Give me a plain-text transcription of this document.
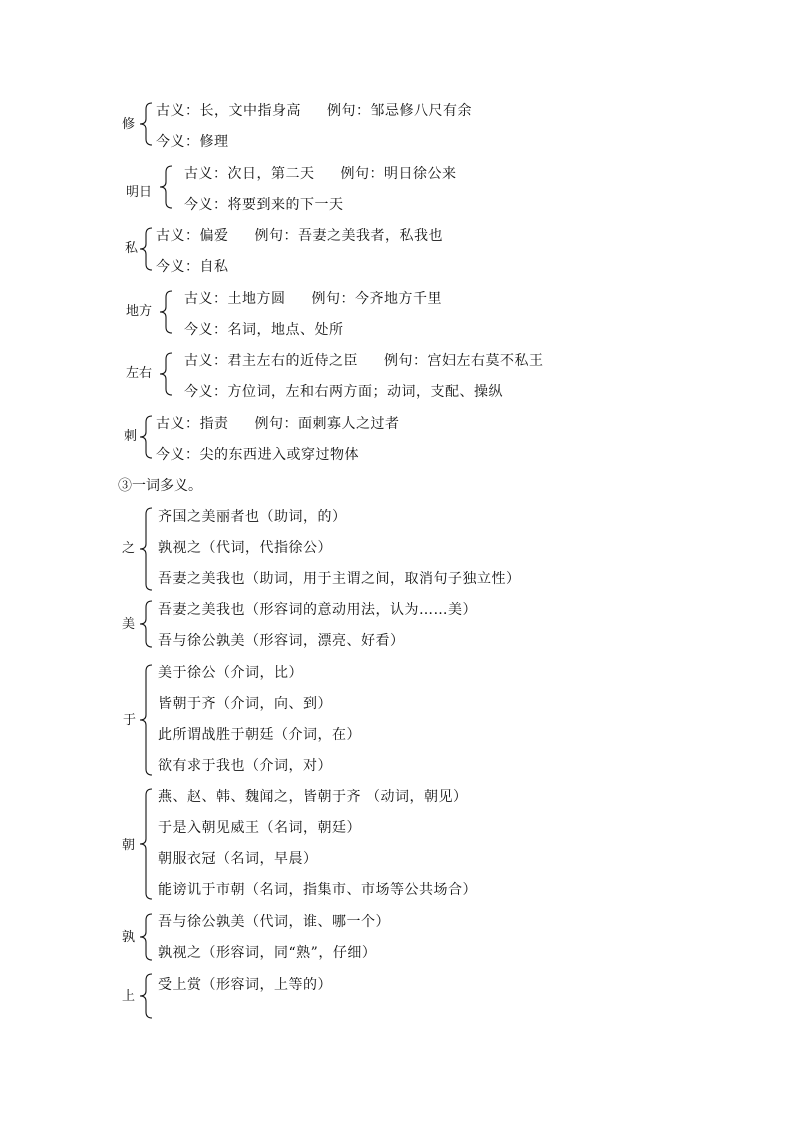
修
古义：长，文中指身高 例句：邹忌修八尺有余
今义：修理
明日
古义：次日，第二天 例句：明日徐公来
今义：将要到来的下一天
私
古义：偏爱 例句：吾妻之美我者，私我也
今义：自私
地方
古义：土地方圆 例句：今齐地方千里
今义：名词，地点、处所
左右
古义：君主左右的近侍之臣 例句：宫妇左右莫不私王
今义：方位词，左和右两方面；动词，支配、操纵
刺
古义：指责 例句：面刺寡人之过者
今义：尖的东西进入或穿过物体
③一词多义。
之
齐国之美丽者也（助词，的）
孰视之（代词，代指徐公）
吾妻之美我也（助词，用于主谓之间，取消句子独立性）
美
吾妻之美我也（形容词的意动用法，认为……美）
吾与徐公孰美（形容词，漂亮、好看）
于
美于徐公（介词，比）
皆朝于齐（介词，向、到）
此所谓战胜于朝廷（介词，在）
欲有求于我也（介词，对）
朝
燕、赵、韩、魏闻之，皆朝于齐 （动词，朝见）
于是入朝见威王（名词，朝廷）
朝服衣冠（名词，早晨）
能谤讥于市朝（名词，指集市、市场等公共场合）
孰
吾与徐公孰美（代词，谁、哪一个）
孰视之（形容词，同“熟”，仔细）
上
受上赏（形容词，上等的）
